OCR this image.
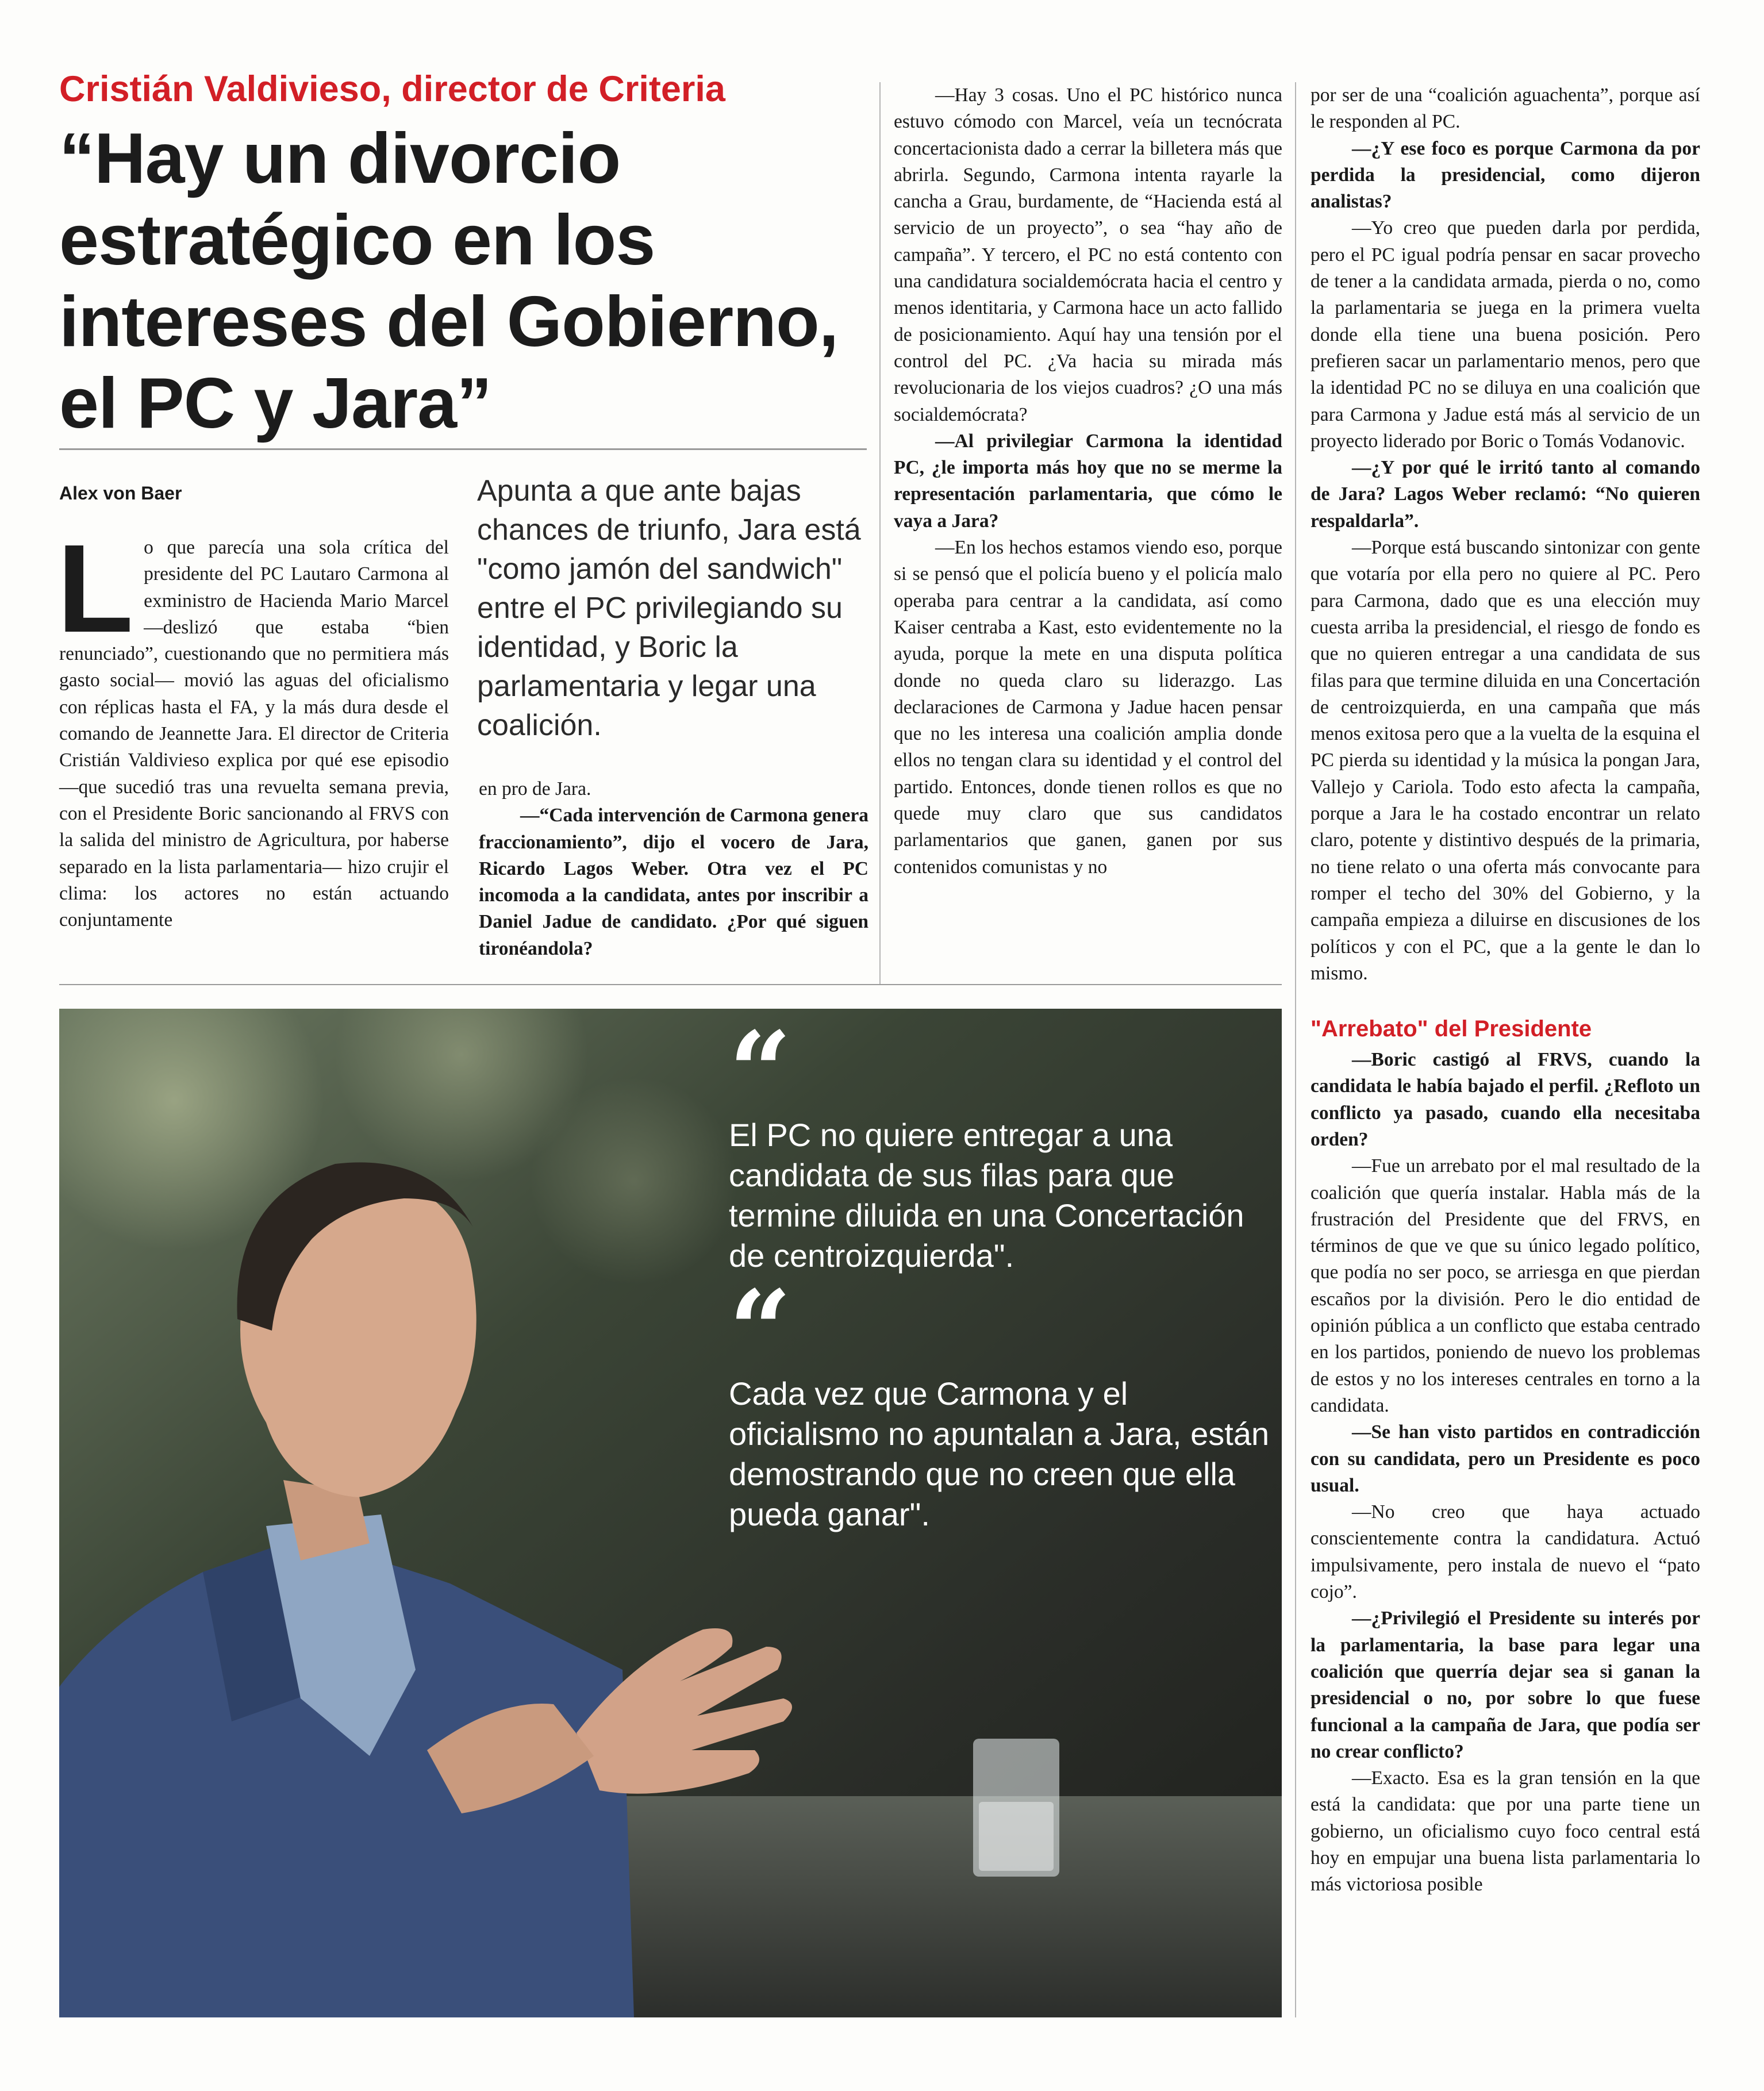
Cristián Valdivieso, director de Criteria
“Hay un divorcio estratégico en los intereses del Gobierno, el PC y Jara”
Alex von Baer
L o que parecía una sola crítica del presidente del PC Lautaro Carmona al exministro de Hacienda Mario Marcel —deslizó que estaba “bien renunciado”, cuestionando que no permitiera más gasto social— movió las aguas del oficialismo con réplicas hasta el FA, y la más dura desde el comando de Jeannette Jara. El director de Criteria Cristián Valdivieso explica por qué ese episodio —que sucedió tras una revuelta semana previa, con el Presidente Boric sancionando al FRVS con la salida del ministro de Agricultura, por haberse separado en la lista parlamentaria— hizo crujir el clima: los actores no están actuando conjuntamente

Apunta a que ante bajas chances de triunfo, Jara está "como jamón del sandwich" entre el PC privilegiando su identidad, y Boric la parlamentaria y legar una coalición.

en pro de Jara.

—“Cada intervención de Carmona genera fraccionamiento”, dijo el vocero de Jara, Ricardo Lagos Weber. Otra vez el PC incomoda a la candidata, antes por inscribir a Daniel Jadue de candidato. ¿Por qué siguen tironéandola?

—Hay 3 cosas. Uno el PC histórico nunca estuvo cómodo con Marcel, veía un tecnócrata concertacionista dado a cerrar la billetera más que abrirla. Segundo, Carmona intenta rayarle la cancha a Grau, burdamente, de “Hacienda está al servicio de un proyecto”, o sea “hay año de campaña”. Y tercero, el PC no está contento con una candidatura socialdemócrata hacia el centro y menos identitaria, y Carmona hace un acto fallido de posicionamiento. Aquí hay una tensión por el control del PC. ¿Va hacia su mirada más revolucionaria de los viejos cuadros? ¿O una más socialdemócrata?

—Al privilegiar Carmona la identidad PC, ¿le importa más hoy que no se merme la representación parlamentaria, que cómo le vaya a Jara?

—En los hechos estamos viendo eso, porque si se pensó que el policía bueno y el policía malo operaba para centrar a la candidata, así como Kaiser centraba a Kast, esto evidentemente no la ayuda, porque la mete en una disputa política donde no queda claro su liderazgo. Las declaraciones de Carmona y Jadue hacen pensar que no les interesa una coalición amplia donde ellos no tengan clara su identidad y el control del partido. Entonces, donde tienen rollos es que no quede muy claro que sus candidatos parlamentarios que ganen, ganen por sus contenidos comunistas y no

por ser de una “coalición aguachenta”, porque así le responden al PC.

—¿Y ese foco es porque Carmona da por perdida la presidencial, como dijeron analistas?

—Yo creo que pueden darla por perdida, pero el PC igual podría pensar en sacar provecho de tener a la candidata armada, pierda o no, como la parlamentaria se juega en la primera vuelta donde ella tiene una buena posición. Pero prefieren sacar un parlamentario menos, pero que la identidad PC no se diluya en una coalición que para Carmona y Jadue está más al servicio de un proyecto liderado por Boric o Tomás Vodanovic.

—¿Y por qué le irritó tanto al comando de Jara? Lagos Weber reclamó: “No quieren respaldarla”.

—Porque está buscando sintonizar con gente que votaría por ella pero no quiere al PC. Pero para Carmona, dado que es una elección muy cuesta arriba la presidencial, el riesgo de fondo es que no quieren entregar a una candidata de sus filas para que termine diluida en una Concertación de centroizquierda, en una campaña que más menos exitosa pero que a la vuelta de la esquina el PC pierda su identidad y la música la pongan Jara, Vallejo y Cariola. Todo esto afecta la campaña, porque a Jara le ha costado encontrar un relato claro, potente y distintivo después de la primaria, no tiene relato o una oferta más convocante para romper el techo del 30% del Gobierno, y la campaña empieza a diluirse en discusiones de los políticos y con el PC, que a la gente le dan lo mismo.

"Arrebato" del Presidente

—Boric castigó al FRVS, cuando la candidata le había bajado el perfil. ¿Refloto un conflicto ya pasado, cuando ella necesitaba orden?

—Fue un arrebato por el mal resultado de la coalición que quería instalar. Habla más de la frustración del Presidente que del FRVS, en términos de que ve que su único legado político, que podía no ser poco, se arriesga en que pierdan escaños por la división. Pero le dio entidad de opinión pública a un conflicto que estaba centrado en los partidos, poniendo de nuevo los problemas de estos y no los intereses centrales en torno a la candidata.

—Se han visto partidos en contradicción con su candidata, pero un Presidente es poco usual.

—No creo que haya actuado conscientemente contra la candidatura. Actuó impulsivamente, pero instala de nuevo el “pato cojo”.

—¿Privilegió el Presidente su interés por la parlamentaria, la base para legar una coalición que querría dejar sea si ganan la presidencial o no, por sobre lo que fuese funcional a la campaña de Jara, que podía ser no crear conflicto?

—Exacto. Esa es la gran tensión en la que está la candidata: que por una parte tiene un gobierno, un oficialismo cuyo foco central está hoy en empujar una buena lista parlamentaria lo más victoriosa posible

“
El PC no quiere entregar a una candidata de sus filas para que termine diluida en una Concertación de centroizquierda".
“
Cada vez que Carmona y el oficialismo no apuntalan a Jara, están demostrando que no creen que ella pueda ganar".
